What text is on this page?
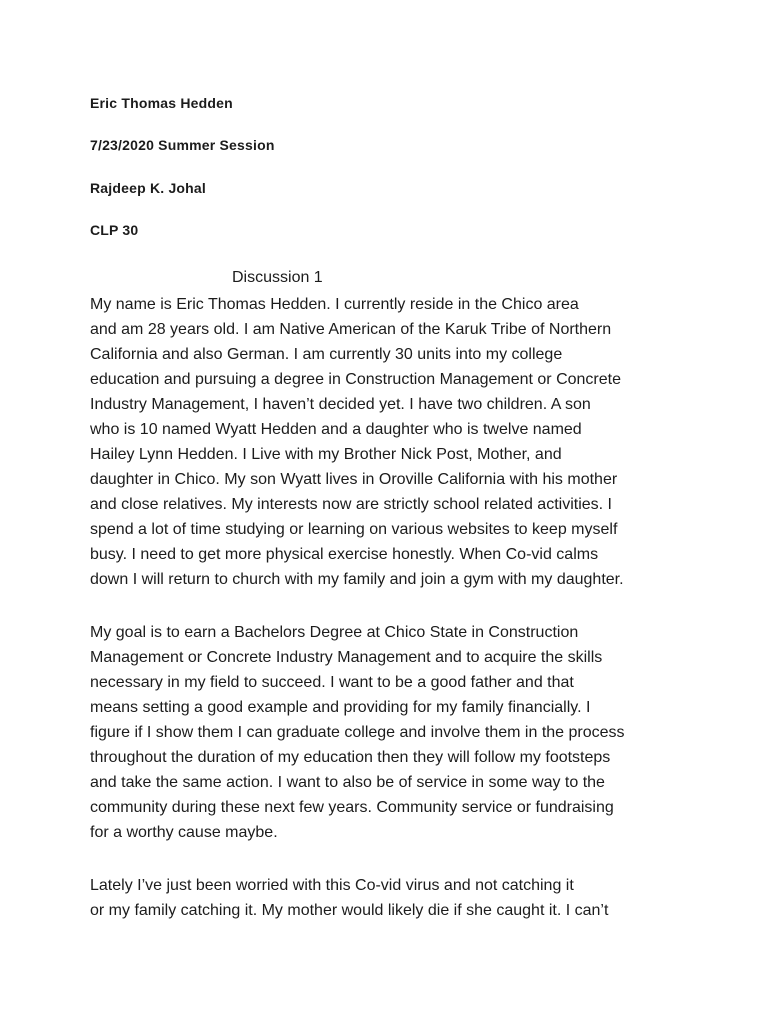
Eric Thomas Hedden
7/23/2020 Summer Session
Rajdeep K. Johal
CLP 30
Discussion 1
My name is Eric Thomas Hedden. I currently reside in the Chico area
and am 28 years old. I am Native American of the Karuk Tribe of Northern
California and also German. I am currently 30 units into my college
education and pursuing a degree in Construction Management or Concrete
Industry Management, I haven’t decided yet. I have two children. A son
who is 10 named Wyatt Hedden and a daughter who is twelve named
Hailey Lynn Hedden. I Live with my Brother Nick Post, Mother, and
daughter in Chico. My son Wyatt lives in Oroville California with his mother
and close relatives. My interests now are strictly school related activities. I
spend a lot of time studying or learning on various websites to keep myself
busy. I need to get more physical exercise honestly. When Co-vid calms
down I will return to church with my family and join a gym with my daughter.
My goal is to earn a Bachelors Degree at Chico State in Construction
Management or Concrete Industry Management and to acquire the skills
necessary in my field to succeed. I want to be a good father and that
means setting a good example and providing for my family financially. I
figure if I show them I can graduate college and involve them in the process
throughout the duration of my education then they will follow my footsteps
and take the same action. I want to also be of service in some way to the
community during these next few years. Community service or fundraising
for a worthy cause maybe.
Lately I’ve just been worried with this Co-vid virus and not catching it
or my family catching it. My mother would likely die if she caught it. I can’t
